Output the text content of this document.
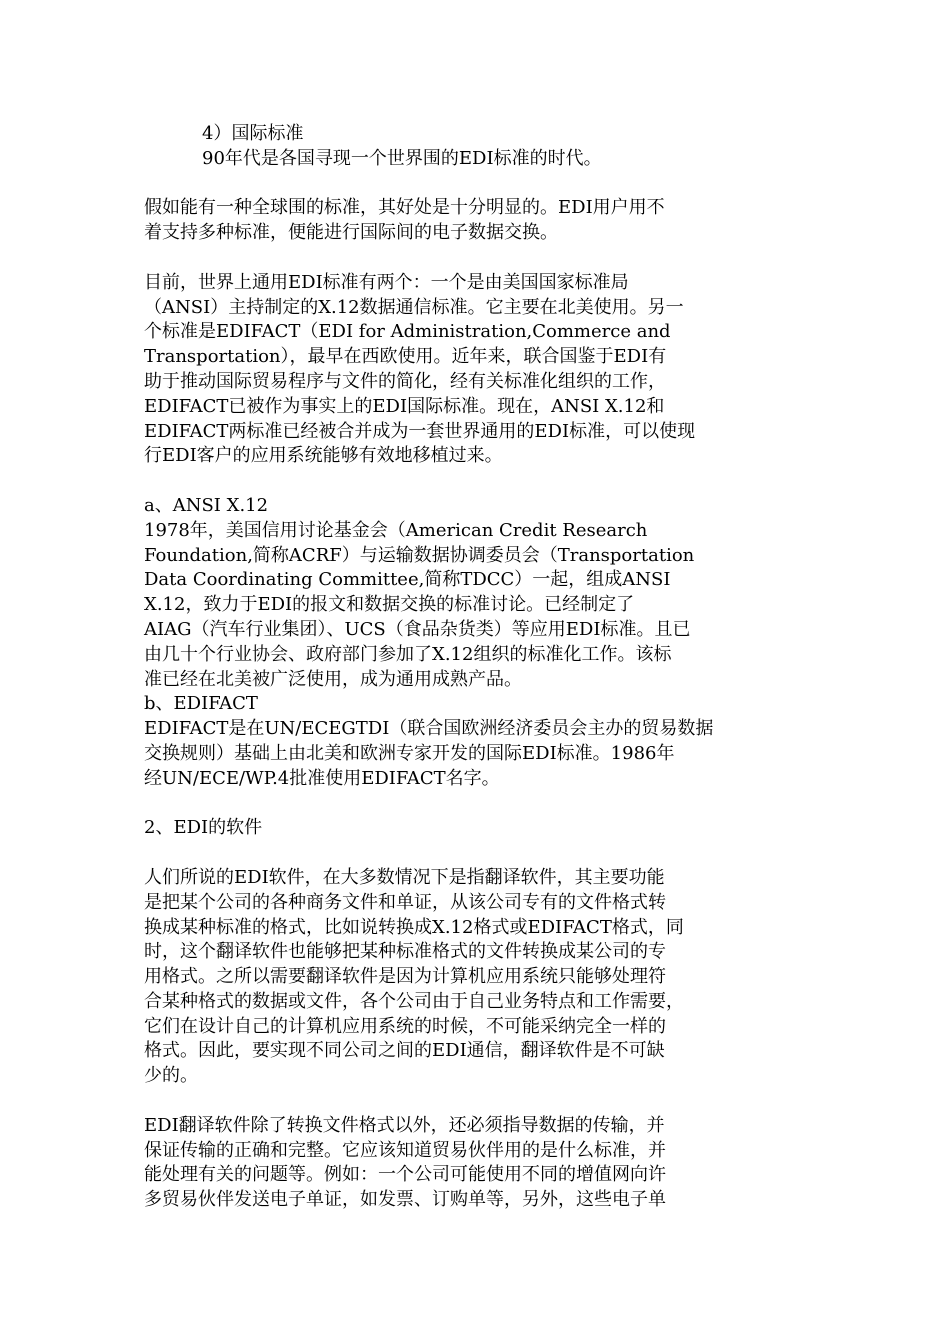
4）国际标准

90年代是各国寻现一个世界围的EDI标准的时代。

假如能有一种全球围的标准，其好处是十分明显的。EDI用户用不
着支持多种标准，便能进行国际间的电子数据交换。

目前，世界上通用EDI标准有两个：一个是由美国国家标准局
（ANSI）主持制定的X.12数据通信标准。它主要在北美使用。另一
个标准是EDIFACT（EDI for Administration,Commerce and
Transportation），最早在西欧使用。近年来，联合国鉴于EDI有
助于推动国际贸易程序与文件的简化，经有关标准化组织的工作，
EDIFACT已被作为事实上的EDI国际标准。现在，ANSI X.12和
EDIFACT两标准已经被合并成为一套世界通用的EDI标准，可以使现
行EDI客户的应用系统能够有效地移植过来。

a、ANSI X.12

1978年，美国信用讨论基金会（American Credit Research
Foundation,简称ACRF）与运输数据协调委员会（Transportation
Data Coordinating Committee,简称TDCC）一起，组成ANSI
X.12，致力于EDI的报文和数据交换的标准讨论。已经制定了
AIAG（汽车行业集团）、UCS（食品杂货类）等应用EDI标准。且已
由几十个行业协会、政府部门参加了X.12组织的标准化工作。该标
准已经在北美被广泛使用，成为通用成熟产品。

b、EDIFACT

EDIFACT是在UN/ECEGTDI（联合国欧洲经济委员会主办的贸易数据
交换规则）基础上由北美和欧洲专家开发的国际EDI标准。1986年
经UN/ECE/WP.4批准使用EDIFACT名字。

2、EDI的软件

人们所说的EDI软件，在大多数情况下是指翻译软件，其主要功能
是把某个公司的各种商务文件和单证，从该公司专有的文件格式转
换成某种标准的格式，比如说转换成X.12格式或EDIFACT格式，同
时，这个翻译软件也能够把某种标准格式的文件转换成某公司的专
用格式。之所以需要翻译软件是因为计算机应用系统只能够处理符
合某种格式的数据或文件，各个公司由于自己业务特点和工作需要，
它们在设计自己的计算机应用系统的时候，不可能采纳完全一样的
格式。因此，要实现不同公司之间的EDI通信，翻译软件是不可缺
少的。

EDI翻译软件除了转换文件格式以外，还必须指导数据的传输，并
保证传输的正确和完整。它应该知道贸易伙伴用的是什么标准，并
能处理有关的问题等。例如：一个公司可能使用不同的增值网向许
多贸易伙伴发送电子单证，如发票、订购单等，另外，这些电子单
